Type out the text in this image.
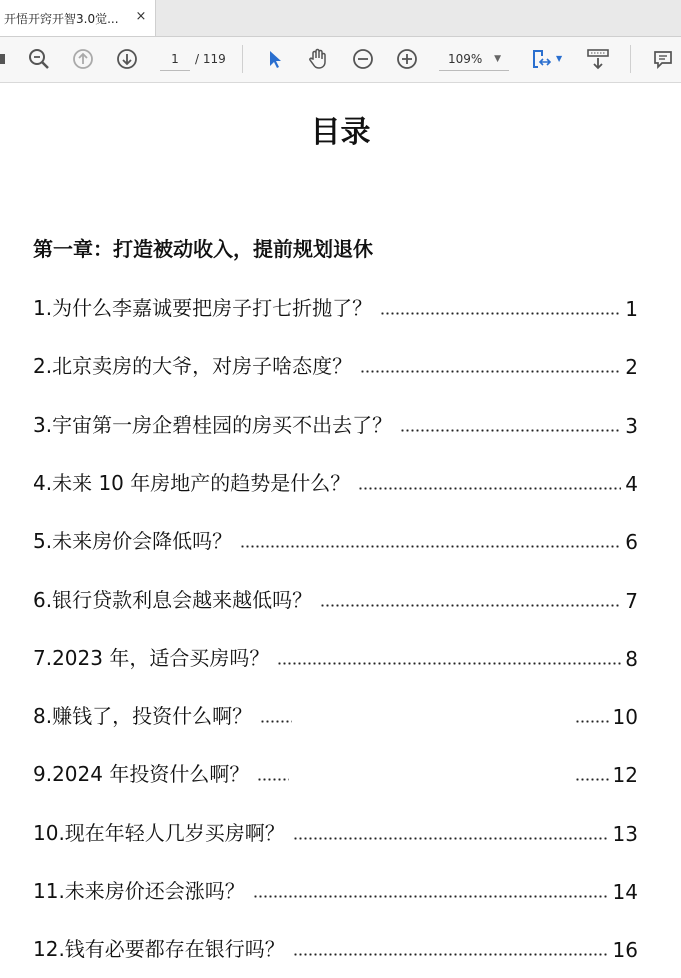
开悟开窍开智3.0觉...	×
1	/ 119	109% ▼	▼
目录
第一章：打造被动收入，提前规划退休
1.为什么李嘉诚要把房子打七折抛了？	1
2.北京卖房的大爷，对房子啥态度？	2
3.宇宙第一房企碧桂园的房买不出去了？	3
4.未来 10 年房地产的趋势是什么？	4
5.未来房价会降低吗？	6
6.银行贷款利息会越来越低吗？	7
7.2023 年，适合买房吗？	8
8.赚钱了，投资什么啊？	10
9.2024 年投资什么啊？	12
10.现在年轻人几岁买房啊？	13
11.未来房价还会涨吗？	14
12.钱有必要都存在银行吗？	16
